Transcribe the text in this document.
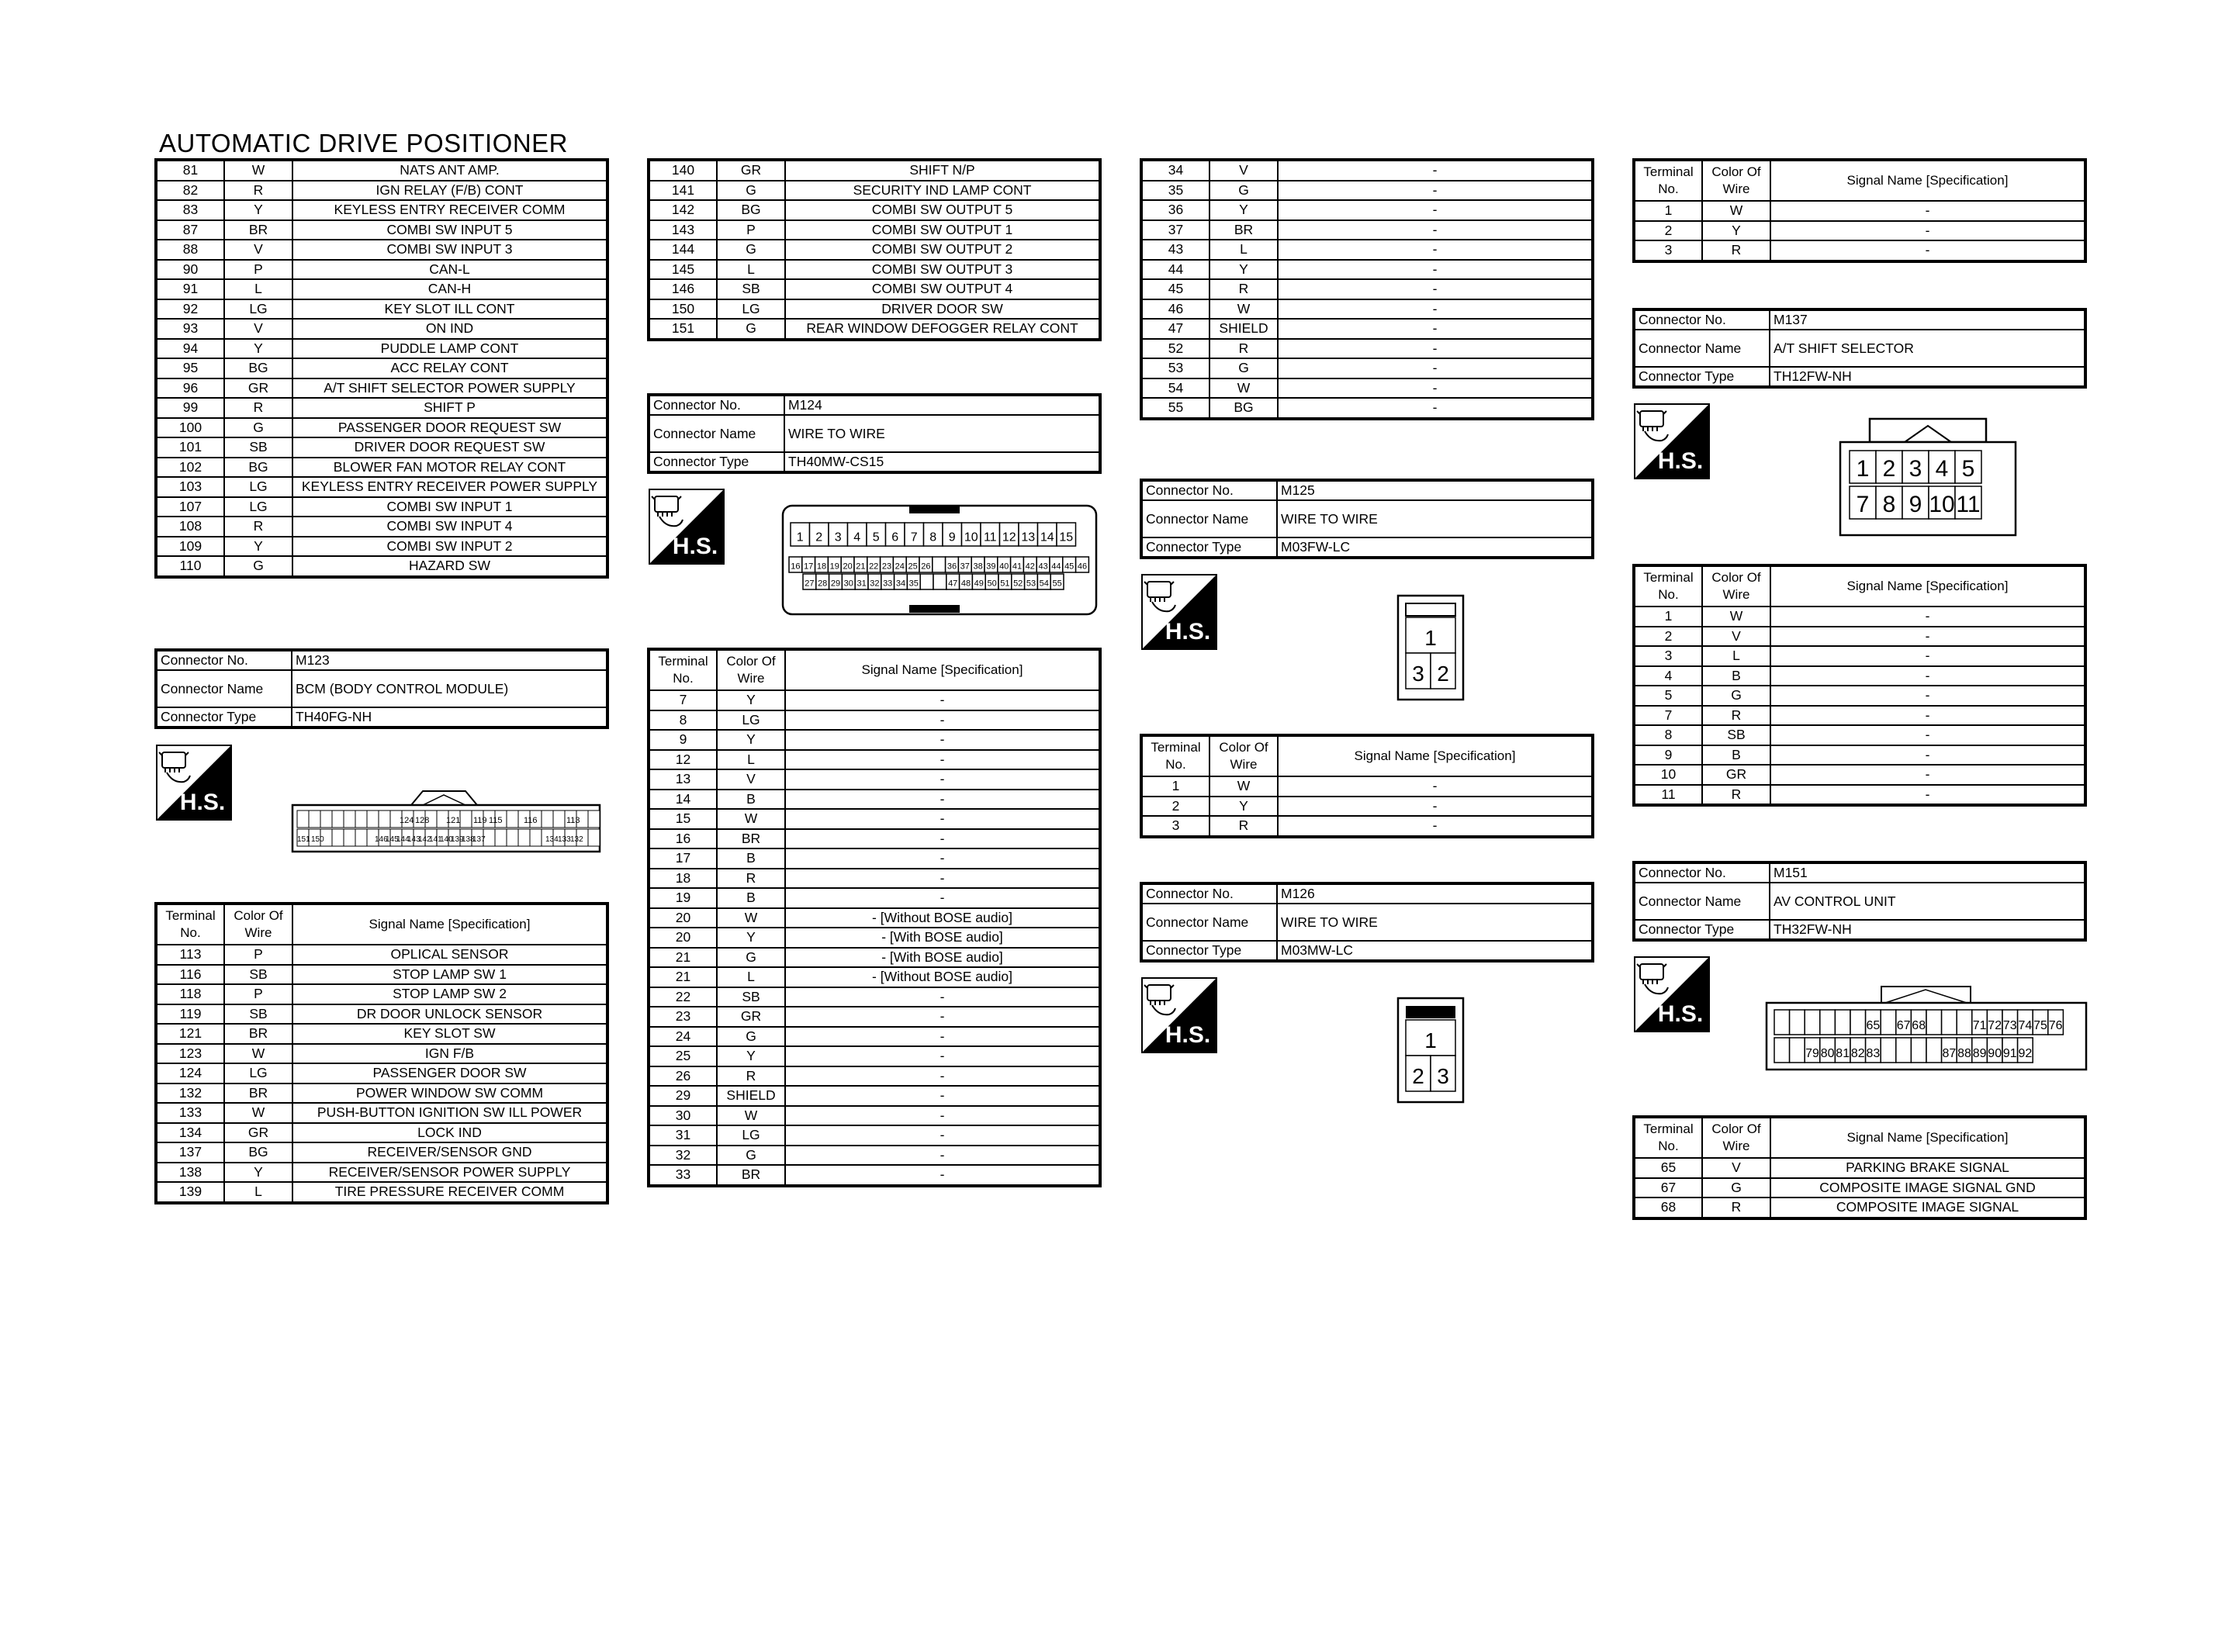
AUTOMATIC DRIVE POSITIONER
81	W	NATS ANT AMP.
82	R	IGN RELAY (F/B) CONT
83	Y	KEYLESS ENTRY RECEIVER COMM
87	BR	COMBI SW INPUT 5
88	V	COMBI SW INPUT 3
90	P	CAN-L
91	L	CAN-H
92	LG	KEY SLOT ILL CONT
93	V	ON IND
94	Y	PUDDLE LAMP CONT
95	BG	ACC RELAY CONT
96	GR	A/T SHIFT SELECTOR POWER SUPPLY
99	R	SHIFT P
100	G	PASSENGER DOOR REQUEST SW
101	SB	DRIVER DOOR REQUEST SW
102	BG	BLOWER FAN MOTOR RELAY CONT
103	LG	KEYLESS ENTRY RECEIVER POWER SUPPLY
107	LG	COMBI SW INPUT 1
108	R	COMBI SW INPUT 4
109	Y	COMBI SW INPUT 2
110	G	HAZARD SW
Connector No.	M123
Connector Name	BCM (BODY CONTROL MODULE)
Connector Type	TH40FG-NH
H.S.
124 128 121 119 115 116	113
151 150	146
145
144
143
142
141
140
139
138
137	134 133 132
Terminal No.	Color Of Wire	Signal Name [Specification]
113	P	OPLICAL SENSOR
116	SB	STOP LAMP SW 1
118	P	STOP LAMP SW 2
119	SB	DR DOOR UNLOCK SENSOR
121	BR	KEY SLOT SW
123	W	IGN F/B
124	LG	PASSENGER DOOR SW
132	BR	POWER WINDOW SW COMM
133	W	PUSH-BUTTON IGNITION SW ILL POWER
134	GR	LOCK IND
137	BG	RECEIVER/SENSOR GND
138	Y	RECEIVER/SENSOR POWER SUPPLY
139	L	TIRE PRESSURE RECEIVER COMM
140	GR	SHIFT N/P
141	G	SECURITY IND LAMP CONT
142	BG	COMBI SW OUTPUT 5
143	P	COMBI SW OUTPUT 1
144	G	COMBI SW OUTPUT 2
145	L	COMBI SW OUTPUT 3
146	SB	COMBI SW OUTPUT 4
150	LG	DRIVER DOOR SW
151	G	REAR WINDOW DEFOGGER RELAY CONT
Connector No.	M124
Connector Name	WIRE TO WIRE
Connector Type	TH40MW-CS15
H.S.	1 2 3 4 5 6 7 8 9 10 11 12 13 14 15
16 17 18 19 20 21 22 23 24 25 26 36 37 38 39 40 41 42 43 44 45 46
27 28 29 30 31 32 33 34 35	47 48 49 50 51 52 53 54 55
Terminal No.	Color Of Wire	Signal Name [Specification]
7	Y	-
8	LG	-
9	Y	-
12	L	-
13	V	-
14	B	-
15	W	-
16	BR	-
17	B	-
18	R	-
19	B	-
20	W	- [Without BOSE audio]
20	Y	- [With BOSE audio]
21	G	- [With BOSE audio]
21	L	- [Without BOSE audio]
22	SB	-
23	GR	-
24	G	-
25	Y	-
26	R	-
29	SHIELD	-
30	W	-
31	LG	-
32	G	-
33	BR	-
34	V	-
35	G	-
36	Y	-
37	BR	-
43	L	-
44	Y	-
45	R	-
46	W	-
47	SHIELD	-
52	R	-
53	G	-
54	W	-
55	BG	-
Connector No.	M125
Connector Name	WIRE TO WIRE
Connector Type	M03FW-LC
H.S.	1
3 2
Terminal No.	Color Of Wire	Signal Name [Specification]
1	W	-
2	Y	-
3	R	-
Connector No.	M126
Connector Name	WIRE TO WIRE
Connector Type	M03MW-LC
H.S.	1
2 3
Terminal No.	Color Of Wire	Signal Name [Specification]
1	W	-
2	Y	-
3	R	-
Connector No.	M137
Connector Name	A/T SHIFT SELECTOR
Connector Type	TH12FW-NH
H.S.	1 2 3 4 5
7 8 9 10 11
Terminal No.	Color Of Wire	Signal Name [Specification]
1	W	-
2	V	-
3	L	-
4	B	-
5	G	-
7	R	-
8	SB	-
9	B	-
10	GR	-
11	R	-
Connector No.	M151
Connector Name	AV CONTROL UNIT
Connector Type	TH32FW-NH
H.S.	65 67 68	71 72 73 74 75 76
79 80 81 82 83	87 88 89 90 91 92
Terminal No.	Color Of Wire	Signal Name [Specification]
65	V	PARKING BRAKE SIGNAL
67	G	COMPOSITE IMAGE SIGNAL GND
68	R	COMPOSITE IMAGE SIGNAL
